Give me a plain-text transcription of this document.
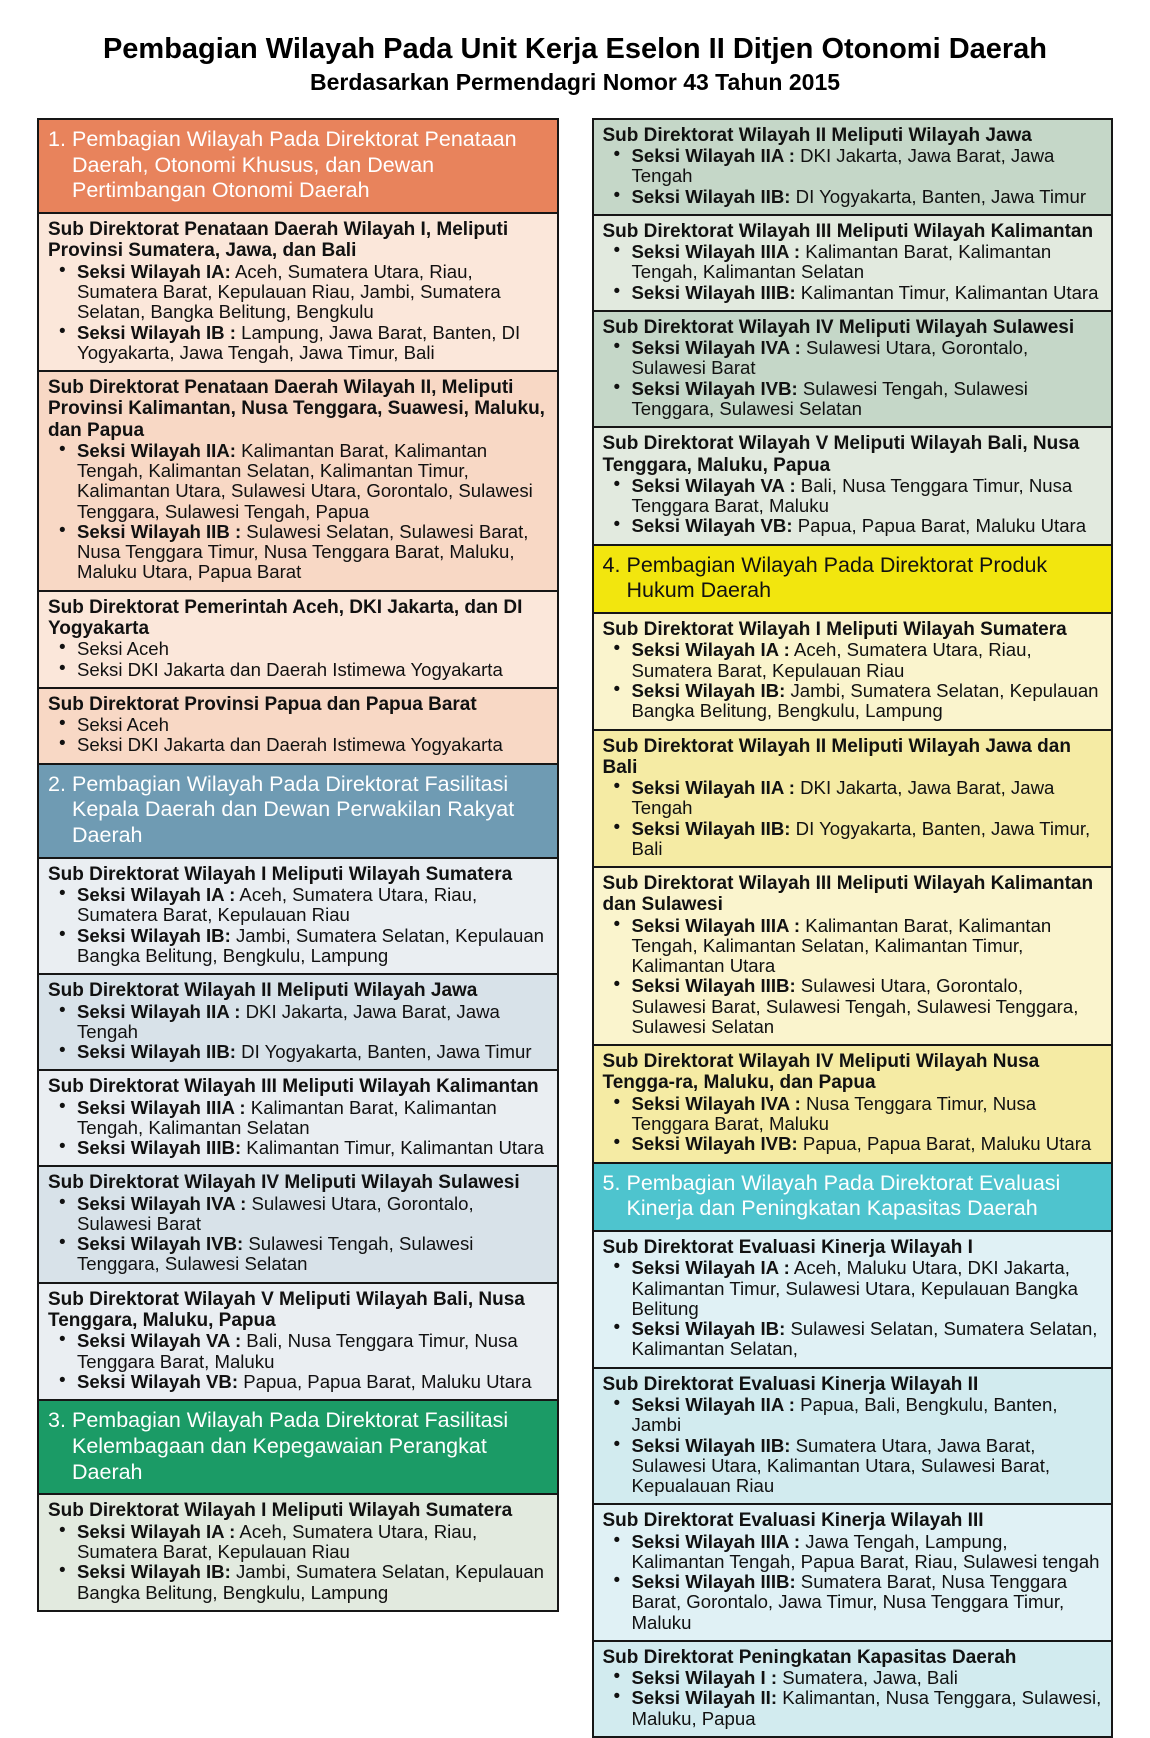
Pembagian Wilayah Pada Unit Kerja Eselon II Ditjen Otonomi Daerah
Berdasarkan Permendagri Nomor 43 Tahun 2015
1. Pembagian Wilayah Pada Direktorat Penataan Daerah, Otonomi Khusus, dan Dewan Pertimbangan Otonomi Daerah
Sub Direktorat Penataan Daerah Wilayah I, Meliputi Provinsi Sumatera, Jawa, dan Bali
• Seksi Wilayah IA: Aceh, Sumatera Utara, Riau, Sumatera Barat, Kepulauan Riau, Jambi, Sumatera Selatan, Bangka Belitung, Bengkulu
• Seksi Wilayah IB : Lampung, Jawa Barat, Banten, DI Yogyakarta, Jawa Tengah, Jawa Timur, Bali
Sub Direktorat Penataan Daerah Wilayah II, Meliputi Provinsi Kalimantan, Nusa Tenggara, Suawesi, Maluku, dan Papua
• Seksi Wilayah IIA: Kalimantan Barat, Kalimantan Tengah, Kalimantan Selatan, Kalimantan Timur, Kalimantan Utara, Sulawesi Utara, Gorontalo, Sulawesi Tenggara, Sulawesi Tengah, Papua
• Seksi Wilayah IIB : Sulawesi Selatan, Sulawesi Barat, Nusa Tenggara Timur, Nusa Tenggara Barat, Maluku, Maluku Utara, Papua Barat
Sub Direktorat Pemerintah Aceh, DKI Jakarta, dan DI Yogyakarta
• Seksi Aceh
• Seksi DKI Jakarta dan Daerah Istimewa Yogyakarta
Sub Direktorat Provinsi Papua dan Papua Barat
• Seksi Aceh
• Seksi DKI Jakarta dan Daerah Istimewa Yogyakarta
2. Pembagian Wilayah Pada Direktorat Fasilitasi Kepala Daerah dan Dewan Perwakilan Rakyat Daerah
Sub Direktorat Wilayah I Meliputi Wilayah Sumatera
• Seksi Wilayah IA : Aceh, Sumatera Utara, Riau, Sumatera Barat, Kepulauan Riau
• Seksi Wilayah IB: Jambi, Sumatera Selatan, Kepulauan Bangka Belitung, Bengkulu, Lampung
Sub Direktorat Wilayah II Meliputi Wilayah Jawa
• Seksi Wilayah IIA : DKI Jakarta, Jawa Barat, Jawa Tengah
• Seksi Wilayah IIB: DI Yogyakarta, Banten, Jawa Timur
Sub Direktorat Wilayah III Meliputi Wilayah Kalimantan
• Seksi Wilayah IIIA : Kalimantan Barat, Kalimantan Tengah, Kalimantan Selatan
• Seksi Wilayah IIIB: Kalimantan Timur, Kalimantan Utara
Sub Direktorat Wilayah IV Meliputi Wilayah Sulawesi
• Seksi Wilayah IVA : Sulawesi Utara, Gorontalo, Sulawesi Barat
• Seksi Wilayah IVB: Sulawesi Tengah, Sulawesi Tenggara, Sulawesi Selatan
Sub Direktorat Wilayah V Meliputi Wilayah Bali, Nusa Tenggara, Maluku, Papua
• Seksi Wilayah VA : Bali, Nusa Tenggara Timur, Nusa Tenggara Barat, Maluku
• Seksi Wilayah VB: Papua, Papua Barat, Maluku Utara
3. Pembagian Wilayah Pada Direktorat Fasilitasi Kelembagaan dan Kepegawaian Perangkat Daerah
Sub Direktorat Wilayah I Meliputi Wilayah Sumatera
• Seksi Wilayah IA : Aceh, Sumatera Utara, Riau, Sumatera Barat, Kepulauan Riau
• Seksi Wilayah IB: Jambi, Sumatera Selatan, Kepulauan Bangka Belitung, Bengkulu, Lampung
Sub Direktorat Wilayah II Meliputi Wilayah Jawa
• Seksi Wilayah IIA : DKI Jakarta, Jawa Barat, Jawa Tengah
• Seksi Wilayah IIB: DI Yogyakarta, Banten, Jawa Timur
Sub Direktorat Wilayah III Meliputi Wilayah Kalimantan
• Seksi Wilayah IIIA : Kalimantan Barat, Kalimantan Tengah, Kalimantan Selatan
• Seksi Wilayah IIIB: Kalimantan Timur, Kalimantan Utara
Sub Direktorat Wilayah IV Meliputi Wilayah Sulawesi
• Seksi Wilayah IVA : Sulawesi Utara, Gorontalo, Sulawesi Barat
• Seksi Wilayah IVB: Sulawesi Tengah, Sulawesi Tenggara, Sulawesi Selatan
Sub Direktorat Wilayah V Meliputi Wilayah Bali, Nusa Tenggara, Maluku, Papua
• Seksi Wilayah VA : Bali, Nusa Tenggara Timur, Nusa Tenggara Barat, Maluku
• Seksi Wilayah VB: Papua, Papua Barat, Maluku Utara
4. Pembagian Wilayah Pada Direktorat Produk Hukum Daerah
Sub Direktorat Wilayah I Meliputi Wilayah Sumatera
• Seksi Wilayah IA : Aceh, Sumatera Utara, Riau, Sumatera Barat, Kepulauan Riau
• Seksi Wilayah IB: Jambi, Sumatera Selatan, Kepulauan Bangka Belitung, Bengkulu, Lampung
Sub Direktorat Wilayah II Meliputi Wilayah Jawa dan Bali
• Seksi Wilayah IIA : DKI Jakarta, Jawa Barat, Jawa Tengah
• Seksi Wilayah IIB: DI Yogyakarta, Banten, Jawa Timur, Bali
Sub Direktorat Wilayah III Meliputi Wilayah Kalimantan dan Sulawesi
• Seksi Wilayah IIIA : Kalimantan Barat, Kalimantan Tengah, Kalimantan Selatan, Kalimantan Timur, Kalimantan Utara
• Seksi Wilayah IIIB: Sulawesi Utara, Gorontalo, Sulawesi Barat, Sulawesi Tengah, Sulawesi Tenggara, Sulawesi Selatan
Sub Direktorat Wilayah IV Meliputi Wilayah Nusa Tengga-ra, Maluku, dan Papua
• Seksi Wilayah IVA : Nusa Tenggara Timur, Nusa Tenggara Barat, Maluku
• Seksi Wilayah IVB: Papua, Papua Barat, Maluku Utara
5. Pembagian Wilayah Pada Direktorat Evaluasi Kinerja dan Peningkatan Kapasitas Daerah
Sub Direktorat Evaluasi Kinerja Wilayah I
• Seksi Wilayah IA : Aceh, Maluku Utara, DKI Jakarta, Kalimantan Timur, Sulawesi Utara, Kepulauan Bangka Belitung
• Seksi Wilayah IB: Sulawesi Selatan, Sumatera Selatan, Kalimantan Selatan,
Sub Direktorat Evaluasi Kinerja Wilayah II
• Seksi Wilayah IIA : Papua, Bali, Bengkulu, Banten, Jambi
• Seksi Wilayah IIB: Sumatera Utara, Jawa Barat, Sulawesi Utara, Kalimantan Utara, Sulawesi Barat, Kepualauan Riau
Sub Direktorat Evaluasi Kinerja Wilayah III
• Seksi Wilayah IIIA : Jawa Tengah, Lampung, Kalimantan Tengah, Papua Barat, Riau, Sulawesi tengah
• Seksi Wilayah IIIB: Sumatera Barat, Nusa Tenggara Barat, Gorontalo, Jawa Timur, Nusa Tenggara Timur, Maluku
Sub Direktorat Peningkatan Kapasitas Daerah
• Seksi Wilayah I : Sumatera, Jawa, Bali
• Seksi Wilayah II: Kalimantan, Nusa Tenggara, Sulawesi, Maluku, Papua
